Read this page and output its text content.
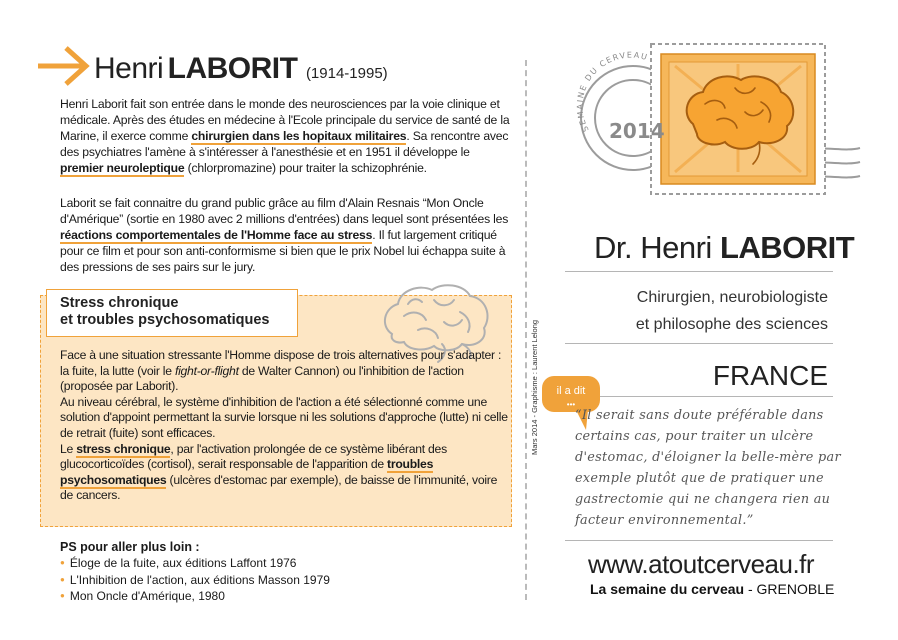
Henri LABORIT (1914-1995)
Henri Laborit fait son entrée dans le monde des neurosciences par la voie clinique et médicale. Après des études en médecine à l'Ecole principale du service de santé de la Marine, il exerce comme chirurgien dans les hopitaux militaires. Sa rencontre avec des psychiatres l'amène à s'intéresser à l'anesthésie et en 1951 il développe le premier neuroleptique (chlorpromazine) pour traiter la schizophrénie.
Laborit se fait connaitre du grand public grâce au film d'Alain Resnais “Mon Oncle d'Amérique” (sortie en 1980 avec 2 millions d'entrées) dans lequel sont présentées les réactions comportementales de l'Homme face au stress. Il fut largement critiqué pour ce film et pour son anti-conformisme si bien que le prix Nobel lui échappa suite à des pressions de ses pairs sur le jury.
Stress chronique
et troubles psychosomatiques
Face à une situation stressante l'Homme dispose de trois alternatives pour s'adapter : la fuite, la lutte (voir le fight-or-flight de Walter Cannon) ou l'inhibition de l'action (proposée par Laborit).
Au niveau cérébral, le système d'inhibition de l'action a été sélectionné comme une solution d'appoint permettant la survie lorsque ni les solutions d'approche (lutte) ni celle de retrait (fuite) sont efficaces.
Le stress chronique, par l'activation prolongée de ce système libérant des glucocorticoïdes (cortisol), serait responsable de l'apparition de troubles psychosomatiques (ulcères d'estomac par exemple), de baisse de l'immunité, voire de cancers.
PS pour aller plus loin :
● Éloge de la fuite, aux éditions Laffont 1976
● L'Inhibition de l'action, aux éditions Masson 1979
● Mon Oncle d'Amérique, 1980
Mars 2014 - Graphisme : Laurent Lelong
2014
SEMAINE DU CERVEAU
Dr. Henri LABORIT
Chirurgien, neurobiologiste
et philosophe des sciences
FRANCE
il a dit
•••
“Il serait sans doute préférable dans certains cas, pour traiter un ulcère d'estomac, d'éloigner la belle-mère par exemple plutôt que de pratiquer une gastrectomie qui ne changera rien au facteur environnemental.”
www.atoutcerveau.fr
La semaine du cerveau - GRENOBLE
